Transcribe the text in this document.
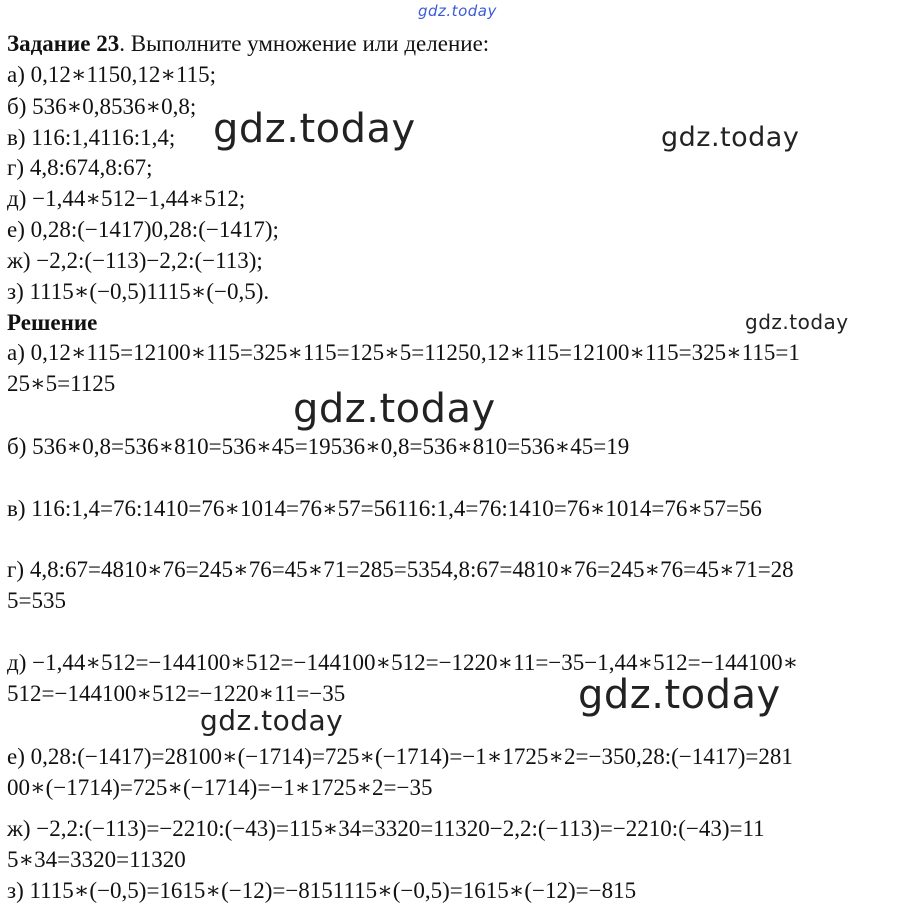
gdz.today
gdz.today	gdz.today
gdz.today
gdz.today
gdz.today
gdz.today
Задание 23. Выполните умножение или деление:
а) 0,12∗1150,12∗115;
б) 536∗0,8536∗0,8;
в) 116:1,4116:1,4;
г) 4,8:674,8:67;
д) −1,44∗512−1,44∗512;
е) 0,28:(−1417)0,28:(−1417);
ж) −2,2:(−113)−2,2:(−113);
з) 1115∗(−0,5)1115∗(−0,5).
Решение
а) 0,12∗115=12100∗115=325∗115=125∗5=11250,12∗115=12100∗115=325∗115=1
25∗5=1125
б) 536∗0,8=536∗810=536∗45=19536∗0,8=536∗810=536∗45=19
в) 116:1,4=76:1410=76∗1014=76∗57=56116:1,4=76:1410=76∗1014=76∗57=56
г) 4,8:67=4810∗76=245∗76=45∗71=285=5354,8:67=4810∗76=245∗76=45∗71=28
5=535
д) −1,44∗512=−144100∗512=−144100∗512=−1220∗11=−35−1,44∗512=−144100∗
512=−144100∗512=−1220∗11=−35
е) 0,28:(−1417)=28100∗(−1714)=725∗(−1714)=−1∗1725∗2=−350,28:(−1417)=281
00∗(−1714)=725∗(−1714)=−1∗1725∗2=−35
ж) −2,2:(−113)=−2210:(−43)=115∗34=3320=11320−2,2:(−113)=−2210:(−43)=11
5∗34=3320=11320
з) 1115∗(−0,5)=1615∗(−12)=−8151115∗(−0,5)=1615∗(−12)=−815
